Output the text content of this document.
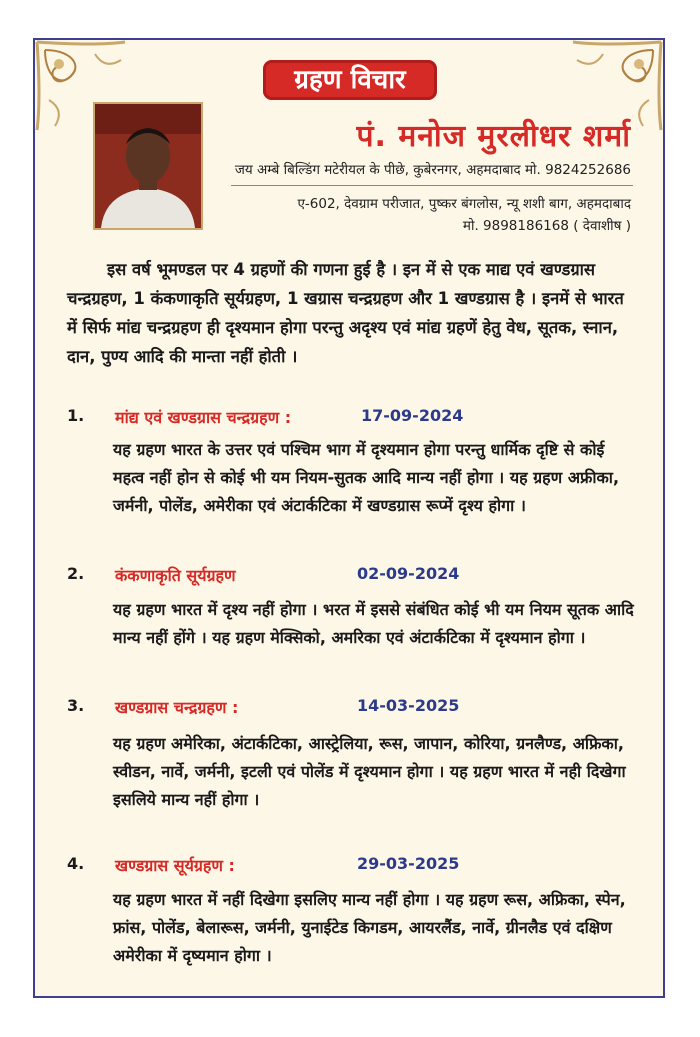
ग्रहण विचार
पं. मनोज मुरलीधर शर्मा
जय अम्बे बिल्डिंग मटेरीयल के पीछे, कुबेरनगर, अहमदाबाद मो. 9824252686
ए-602, देवग्राम परीजात, पुष्कर बंगलोस, न्यू शशी बाग, अहमदाबाद
मो. 9898186168 ( देवाशीष )
इस वर्ष भूमण्डल पर 4 ग्रहणों की गणना हुई है । इन में से एक माद्य एवं खण्डग्रास चन्द्रग्रहण, 1 कंकणाकृति सूर्यग्रहण, 1 खग्रास चन्द्रग्रहण और 1 खण्डग्रास है । इनमें से भारत में सिर्फ मांद्य चन्द्रग्रहण ही दृश्यमान होगा परन्तु अदृश्य एवं मांद्य ग्रहणें हेतु वेध, सूतक, स्नान, दान, पुण्य आदि की मान्ता नहीं होती ।
1. मांद्य एवं खण्डग्रास चन्द्रग्रहण :	17-09-2024
यह ग्रहण भारत के उत्तर एवं पश्चिम भाग में दृश्यमान होगा परन्तु धार्मिक दृष्टि से कोई महत्व नहीं होन से कोई भी यम नियम-सुतक आदि मान्य नहीं होगा । यह ग्रहण अफ्रीका, जर्मनी, पोलेंड, अमेरीका एवं अंटार्कटिका में खण्डग्रास रूप्में दृश्य होगा ।
2. कंकणाकृति सूर्यग्रहण	02-09-2024
यह ग्रहण भारत में दृश्य नहीं होगा । भरत में इससे संबंधित कोई भी यम नियम सूतक आदि मान्य नहीं होंगे । यह ग्रहण मेक्सिको, अमरिका एवं अंटार्कटिका में दृश्यमान होगा ।
3. खण्डग्रास चन्द्रग्रहण :	14-03-2025
यह ग्रहण अमेरिका, अंटार्कटिका, आस्ट्रेलिया, रूस, जापान, कोरिया, ग्रनलैण्ड, अफ्रिका, स्वीडन, नार्वे, जर्मनी, इटली एवं पोलेंड में दृश्यमान होगा । यह ग्रहण भारत में नही दिखेगा इसलिये मान्य नहीं होगा ।
4. खण्डग्रास सूर्यग्रहण :	29-03-2025
यह ग्रहण भारत में नहीं दिखेगा इसलिए मान्य नहीं होगा । यह ग्रहण रूस, अफ्रिका, स्पेन, फ्रांस, पोलेंड, बेलारूस, जर्मनी, युनाईटेड किगडम, आयरलैंड, नार्वे, ग्रीनलैड एवं दक्षिण अमेरीका में दृष्यमान होगा ।
